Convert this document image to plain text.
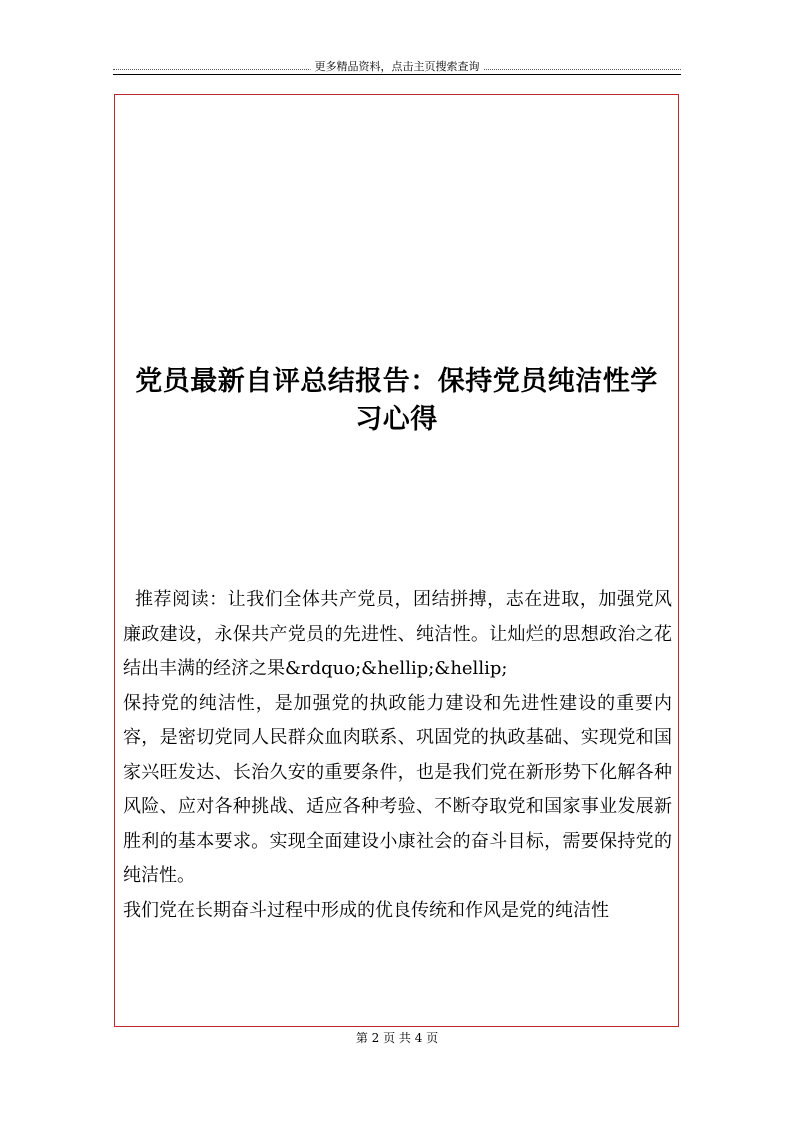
更多精品资料，点击主页搜索查询
党员最新自评总结报告：保持党员纯洁性学
习心得

推荐阅读：让我们全体共产党员，团结拼搏，志在进取，加强党风廉政建设，永保共产党员的先进性、纯洁性。让灿烂的思想政治之花结出丰满的经济之果&rdquo;&hellip;&hellip;

保持党的纯洁性，是加强党的执政能力建设和先进性建设的重要内容，是密切党同人民群众血肉联系、巩固党的执政基础、实现党和国家兴旺发达、长治久安的重要条件，也是我们党在新形势下化解各种风险、应对各种挑战、适应各种考验、不断夺取党和国家事业发展新胜利的基本要求。实现全面建设小康社会的奋斗目标，需要保持党的纯洁性。

我们党在长期奋斗过程中形成的优良传统和作风是党的纯洁性

第 2 页 共 4 页
